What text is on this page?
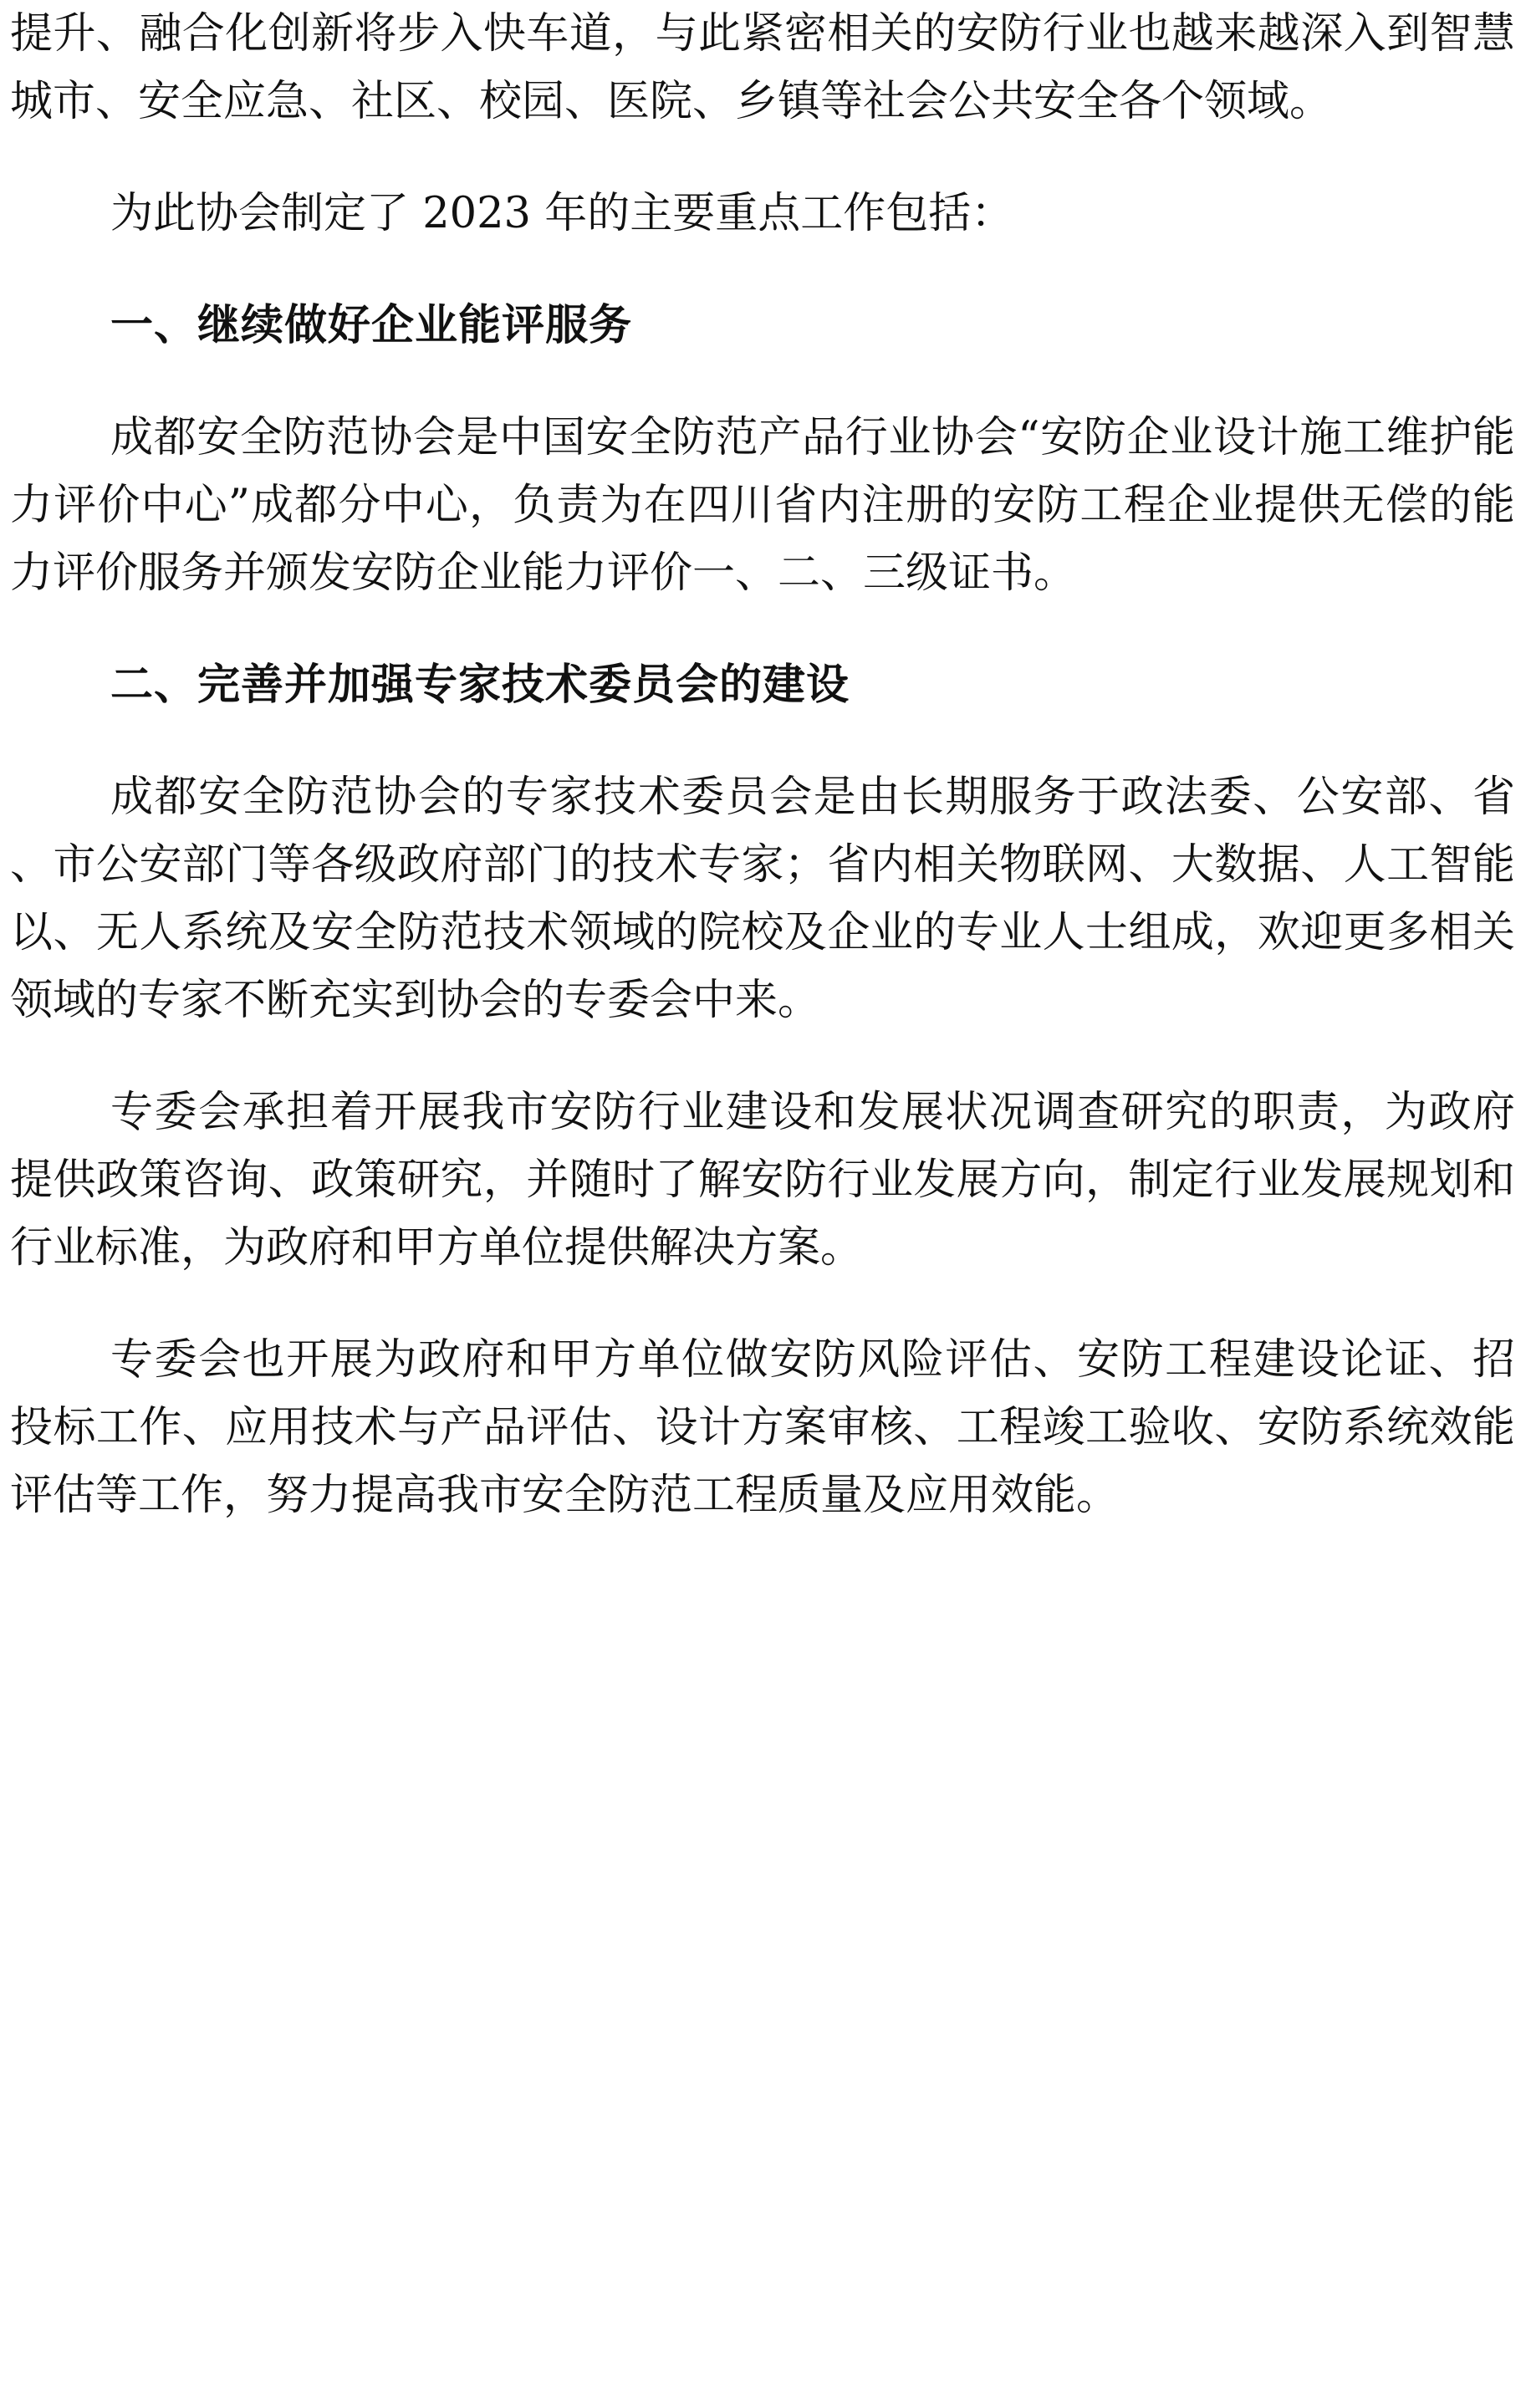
提升、融合化创新将步入快车道，与此紧密相关的安防行业也越来越深入到智慧城市、安全应急、社区、校园、医院、乡镇等社会公共安全各个领域。

为此协会制定了 2023 年的主要重点工作包括：

一、继续做好企业能评服务

成都安全防范协会是中国安全防范产品行业协会“安防企业设计施工维护能力评价中心”成都分中心，负责为在四川省内注册的安防工程企业提供无偿的能力评价服务并颁发安防企业能力评价一、二、三级证书。

二、完善并加强专家技术委员会的建设

成都安全防范协会的专家技术委员会是由长期服务于政法委、公安部、省、市公安部门等各级政府部门的技术专家；省内相关物联网、大数据、人工智能以、无人系统及安全防范技术领域的院校及企业的专业人士组成，欢迎更多相关领域的专家不断充实到协会的专委会中来。

专委会承担着开展我市安防行业建设和发展状况调查研究的职责，为政府提供政策咨询、政策研究，并随时了解安防行业发展方向，制定行业发展规划和行业标准，为政府和甲方单位提供解决方案。

专委会也开展为政府和甲方单位做安防风险评估、安防工程建设论证、招投标工作、应用技术与产品评估、设计方案审核、工程竣工验收、安防系统效能评估等工作，努力提高我市安全防范工程质量及应用效能。
